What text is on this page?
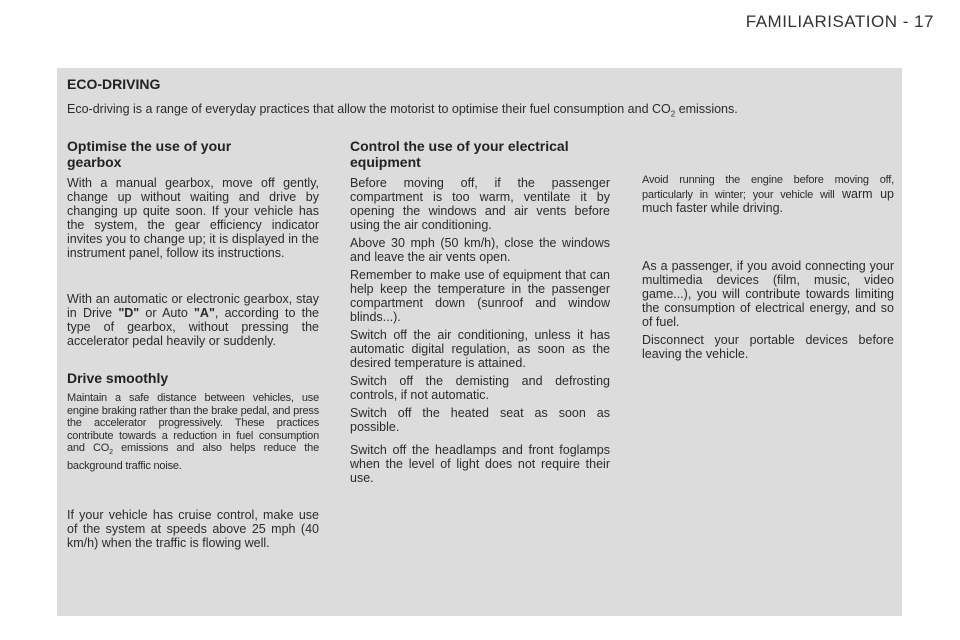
FAMILIARISATION - 17
ECO-DRIVING
Eco-driving is a range of everyday practices that allow the motorist to optimise their fuel consumption and $CO_2$ emissions.
Optimise the use of your gearbox

With a manual gearbox, move off gently, change up without waiting and drive by changing up quite soon. If your vehicle has the system, the gear efficiency indicator invites you to change up; it is displayed in the instrument panel, follow its instructions.

With an automatic or electronic gearbox, stay in Drive "D" or Auto "A", according to the type of gearbox, without pressing the accelerator pedal heavily or suddenly.

Drive smoothly

Maintain a safe distance between vehicles, use engine braking rather than the brake pedal, and press the accelerator progressively. These practices contribute towards a reduction in fuel consumption and $CO_2$ emissions and also helps reduce the background traffic noise.

If your vehicle has cruise control, make use of the system at speeds above 25 mph (40 km/h) when the traffic is flowing well.

Control the use of your electrical equipment

Before moving off, if the passenger compartment is too warm, ventilate it by opening the windows and air vents before using the air conditioning.

Above 30 mph (50 km/h), close the windows and leave the air vents open.

Remember to make use of equipment that can help keep the temperature in the passenger compartment down (sunroof and window blinds...).

Switch off the air conditioning, unless it has automatic digital regulation, as soon as the desired temperature is attained.

Switch off the demisting and defrosting controls, if not automatic.

Switch off the heated seat as soon as possible.

Switch off the headlamps and front foglamps when the level of light does not require their use.

Avoid running the engine before moving off, particularly in winter; your vehicle will warm up much faster while driving.

As a passenger, if you avoid connecting your multimedia devices (film, music, video game...), you will contribute towards limiting the consumption of electrical energy, and so of fuel.

Disconnect your portable devices before leaving the vehicle.
